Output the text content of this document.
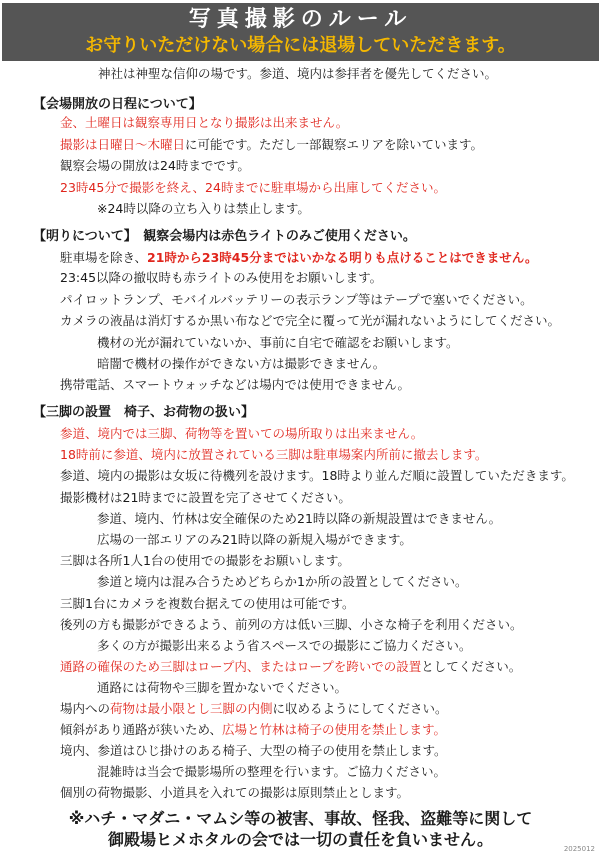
写真撮影のルール
お守りいただけない場合には退場していただきます。
神社は神聖な信仰の場です。参道、境内は参拝者を優先してください。
【会場開放の日程について】
金、土曜日は観察専用日となり撮影は出来ません。
撮影は日曜日～木曜日に可能です。ただし一部観察エリアを除いています。
観察会場の開放は24時までです。
23時45分で撮影を終え、24時までに駐車場から出庫してください。
※24時以降の立ち入りは禁止します。
【明りについて】　 観察会場内は赤色ライトのみご使用ください。
駐車場を除き、21時から23時45分まではいかなる明りも点けることはできません。
23:45以降の撤収時も赤ライトのみ使用をお願いします。
パイロットランプ、モバイルバッテリーの表示ランプ等はテープで塞いでください。
カメラの液晶は消灯するか黒い布などで完全に覆って光が漏れないようにしてください。
機材の光が漏れていないか、事前に自宅で確認をお願いします。
暗闇で機材の操作ができない方は撮影できません。
携帯電話、スマートウォッチなどは場内では使用できません。
【三脚の設置　椅子、お荷物の扱い】
参道、境内では三脚、荷物等を置いての場所取りは出来ません。
18時前に参道、境内に放置されている三脚は駐車場案内所前に撤去します。
参道、境内の撮影は女坂に待機列を設けます。18時より並んだ順に設置していただきます。
撮影機材は21時までに設置を完了させてください。
参道、境内、竹林は安全確保のため21時以降の新規設置はできません。
広場の一部エリアのみ21時以降の新規入場ができます。
三脚は各所1人1台の使用での撮影をお願いします。
参道と境内は混み合うためどちらか1か所の設置としてください。
三脚1台にカメラを複数台据えての使用は可能です。
後列の方も撮影ができるよう、前列の方は低い三脚、小さな椅子を利用ください。
多くの方が撮影出来るよう省スペースでの撮影にご協力ください。
通路の確保のため三脚はロープ内、またはロープを跨いでの設置としてください。
通路には荷物や三脚を置かないでください。
場内への荷物は最小限とし三脚の内側に収めるようにしてください。
傾斜があり通路が狭いため、広場と竹林は椅子の使用を禁止します。
境内、参道はひじ掛けのある椅子、大型の椅子の使用を禁止します。
混雑時は当会で撮影場所の整理を行います。ご協力ください。
個別の荷物撮影、小道具を入れての撮影は原則禁止とします。
※ハチ・マダニ・マムシ等の被害、事故、怪我、盗難等に関して
御殿場ヒメホタルの会では一切の責任を負いません。	2025012
